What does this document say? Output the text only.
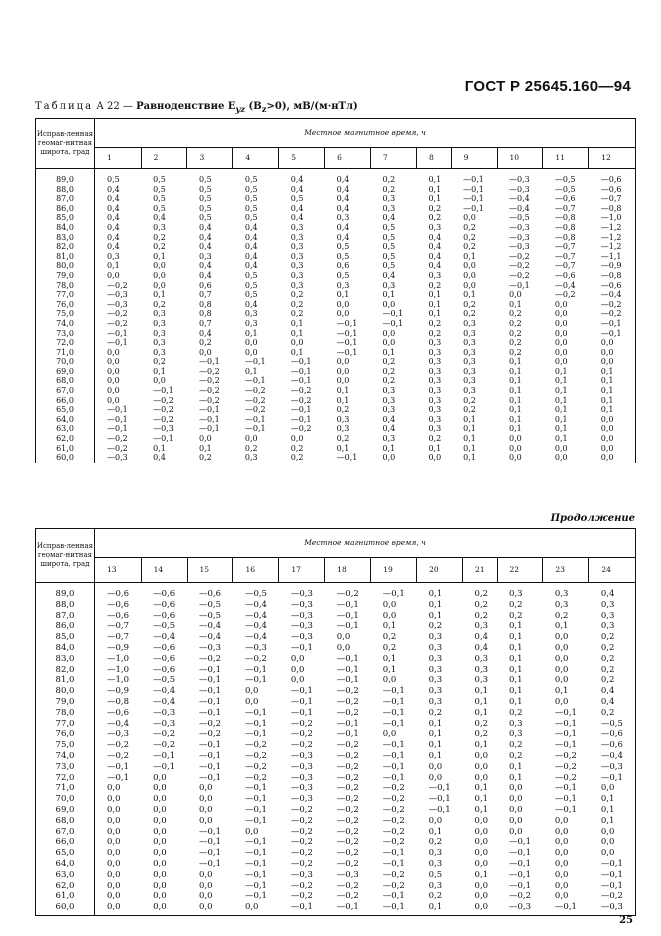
ГОСТ Р 25645.160—94
Таблица А 22 — Равноденствие $E_{yz}$ $(B_z>0)$, мВ/(м·нТл)
Исправ-ленная геомаг-нитная широта, град	Местное магнитное время, ч											
	1	2	3	4	5	6	7	8	9	10	11	12
89,0	0,5	0,5	0,5	0,5	0,4	0,4	0,2	0,1	—0,1	—0,3	—0,5	—0,6
88,0	0,4	0,5	0,5	0,5	0,4	0,4	0,2	0,1	—0,1	—0,3	—0,5	—0,6
87,0	0,4	0,5	0,5	0,5	0,5	0,4	0,3	0,1	—0,1	—0,4	—0,6	—0,7
86,0	0,4	0,5	0,5	0,5	0,4	0,4	0,3	0,2	—0,1	—0,4	—0,7	—0,8
85,0	0,4	0,4	0,5	0,5	0,4	0,3	0,4	0,2	0,0	—0,5	—0,8	—1,0
84,0	0,4	0,3	0,4	0,4	0,3	0,4	0,5	0,3	0,2	—0,3	—0,8	—1,2
83,0	0,4	0,2	0,4	0,4	0,3	0,4	0,5	0,4	0,2	—0,3	—0,8	—1,2
82,0	0,4	0,2	0,4	0,4	0,3	0,5	0,5	0,4	0,2	—0,3	—0,7	—1,2
81,0	0,3	0,1	0,3	0,4	0,3	0,5	0,5	0,4	0,1	—0,2	—0,7	—1,1
80,0	0,1	0,0	0,4	0,4	0,3	0,6	0,5	0,4	0,0	—0,2	—0,7	—0,9
79,0	0,0	0,0	0,4	0,5	0,3	0,5	0,4	0,3	0,0	—0,2	—0,6	—0,8
78,0	—0,2	0,0	0,6	0,5	0,3	0,3	0,3	0,2	0,0	—0,1	—0,4	—0,6
77,0	—0,3	0,1	0,7	0,5	0,2	0,1	0,1	0,1	0,1	0,0	—0,2	—0,4
76,0	—0,3	0,2	0,8	0,4	0,2	0,0	0,0	0,1	0,2	0,1	0,0	—0,2
75,0	—0,2	0,3	0,8	0,3	0,2	0,0	—0,1	0,1	0,2	0,2	0,0	—0,2
74,0	—0,2	0,3	0,7	0,3	0,1	—0,1	—0,1	0,2	0,3	0,2	0,0	—0,1
73,0	—0,1	0,3	0,4	0,1	0,1	—0,1	0,0	0,2	0,3	0,2	0,0	—0,1
72,0	—0,1	0,3	0,2	0,0	0,0	—0,1	0,0	0,3	0,3	0,2	0,0	0,0
71,0	0,0	0,3	0,0	0,0	0,1	—0,1	0,1	0,3	0,3	0,2	0,0	0,0
70,0	0,0	0,2	—0,1	—0,1	—0,1	0,0	0,2	0,3	0,3	0,1	0,0	0,0
69,0	0,0	0,1	—0,2	0,1	—0,1	0,0	0,2	0,3	0,3	0,1	0,1	0,1
68,0	0,0	0,0	—0,2	—0,1	—0,1	0,0	0,2	0,3	0,3	0,1	0,1	0,1
67,0	0,0	—0,1	—0,2	—0,2	—0,2	0,1	0,3	0,3	0,3	0,1	0,1	0,1
66,0	0,0	—0,2	—0,2	—0,2	—0,2	0,1	0,3	0,3	0,2	0,1	0,1	0,1
65,0	—0,1	—0,2	—0,1	—0,2	—0,1	0,2	0,3	0,3	0,2	0,1	0,1	0,1
64,0	—0,1	—0,2	—0,1	—0,1	—0,1	0,3	0,4	0,3	0,1	0,1	0,1	0,0
63,0	—0,1	—0,3	—0,1	—0,1	—0,2	0,3	0,4	0,3	0,1	0,1	0,1	0,0
62,0	—0,2	—0,1	0,0	0,0	0,0	0,2	0,3	0,2	0,1	0,0	0,1	0,0
61,0	—0,2	0,1	0,1	0,2	0,2	0,1	0,1	0,1	0,1	0,0	0,0	0,0
60,0	—0,3	0,4	0,2	0,3	0,2	—0,1	0,0	0,0	0,1	0,0	0,0	0,0
Продолжение
Исправ-ленная геомаг-нитная широта, град	Местное магнитное время, ч											
	13	14	15	16	17	18	19	20	21	22	23	24
89,0	—0,6	—0,6	—0,6	—0,5	—0,3	—0,2	—0,1	0,1	0,2	0,3	0,3	0,4
88,0	—0,6	—0,6	—0,5	—0,4	—0,3	—0,1	0,0	0,1	0,2	0,2	0,3	0,3
87,0	—0,6	—0,6	—0,5	—0,4	—0,3	—0,1	0,0	0,1	0,2	0,2	0,2	0,3
86,0	—0,7	—0,5	—0,4	—0,4	—0,3	—0,1	0,1	0,2	0,3	0,1	0,1	0,3
85,0	—0,7	—0,4	—0,4	—0,4	—0,3	0,0	0,2	0,3	0,4	0,1	0,0	0,2
84,0	—0,9	—0,6	—0,3	—0,3	—0,1	0,0	0,2	0,3	0,4	0,1	0,0	0,2
83,0	—1,0	—0,6	—0,2	—0,2	0,0	—0,1	0,1	0,3	0,3	0,1	0,0	0,2
82,0	—1,0	—0,6	—0,1	—0,1	0,0	—0,1	0,1	0,3	0,3	0,1	0,0	0,2
81,0	—1,0	—0,5	—0,1	—0,1	0,0	—0,1	0,0	0,3	0,3	0,1	0,0	0,2
80,0	—0,9	—0,4	—0,1	0,0	—0,1	—0,2	—0,1	0,3	0,1	0,1	0,1	0,4
79,0	—0,8	—0,4	—0,1	0,0	—0,1	—0,2	—0,1	0,3	0,1	0,1	0,0	0,4
78,0	—0,6	—0,3	—0,1	—0,1	—0,1	—0,2	—0,1	0,2	0,1	0,2	—0,1	0,2
77,0	—0,4	—0,3	—0,2	—0,1	—0,2	—0,1	—0,1	0,1	0,2	0,3	—0,1	—0,5
76,0	—0,3	—0,2	—0,2	—0,1	—0,2	—0,1	0,0	0,1	0,2	0,3	—0,1	—0,6
75,0	—0,2	—0,2	—0,1	—0,2	—0,2	—0,2	—0,1	0,1	0,1	0,2	—0,1	—0,6
74,0	—0,2	—0,1	—0,1	—0,2	—0,3	—0,2	—0,1	0,1	0,0	0,2	—0,2	—0,4
73,0	—0,1	—0,1	—0,1	—0,2	—0,3	—0,2	—0,1	0,0	0,0	0,1	—0,2	—0,3
72,0	—0,1	0,0	—0,1	—0,2	—0,3	—0,2	—0,1	0,0	0,0	0,1	—0,2	—0,1
71,0	0,0	0,0	0,0	—0,1	—0,3	—0,2	—0,2	—0,1	0,1	0,0	—0,1	0,0
70,0	0,0	0,0	0,0	—0,1	—0,3	—0,2	—0,2	—0,1	0,1	0,0	—0,1	0,1
69,0	0,0	0,0	0,0	—0,1	—0,2	—0,2	—0,2	—0,1	0,1	0,0	—0,1	0,1
68,0	0,0	0,0	0,0	—0,1	—0,2	—0,2	—0,2	0,0	0,0	0,0	0,0	0,1
67,0	0,0	0,0	—0,1	0,0	—0,2	—0,2	—0,2	0,1	0,0	0,0	0,0	0,0
66,0	0,0	0,0	—0,1	—0,1	—0,2	—0,2	—0,2	0,2	0,0	—0,1	0,0	0,0
65,0	0,0	0,0	—0,1	—0,1	—0,2	—0,2	—0,1	0,3	0,0	—0,1	0,0	0,0
64,0	0,0	0,0	—0,1	—0,1	—0,2	—0,2	—0,1	0,3	0,0	—0,1	0,0	—0,1
63,0	0,0	0,0	0,0	—0,1	—0,3	—0,3	—0,2	0,5	0,1	—0,1	0,0	—0,1
62,0	0,0	0,0	0,0	—0,1	—0,2	—0,2	—0,2	0,3	0,0	—0,1	0,0	—0,1
61,0	0,0	0,0	0,0	—0,1	—0,2	—0,2	—0,1	0,2	0,0	—0,2	0,0	—0,2
60,0	0,0	0,0	0,0	0,0	—0,1	—0,1	—0,1	0,1	0,0	—0,3	—0,1	—0,3
25
